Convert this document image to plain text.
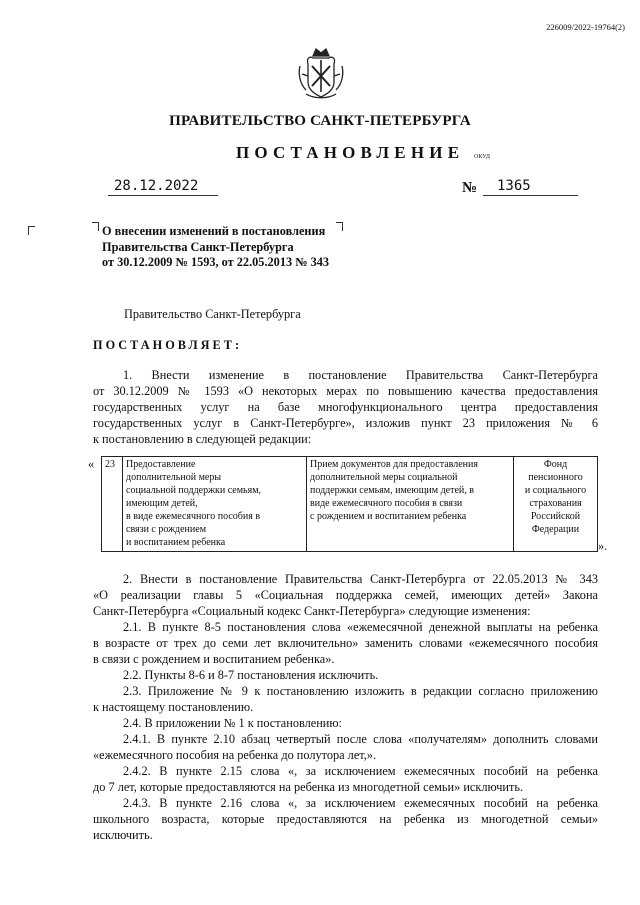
226009/2022-19764(2)
ПРАВИТЕЛЬСТВО САНКТ-ПЕТЕРБУРГА
ПОСТАНОВЛЕНИЕ ОКУД
28.12.2022	№ 1365
О внесении изменений в постановления
Правительства Санкт-Петербурга
от 30.12.2009 № 1593, от 22.05.2013 № 343
Правительство Санкт-Петербурга
ПОСТАНОВЛЯЕТ:
1. Внести изменение в постановление Правительства Санкт-Петербурга
от 30.12.2009 № 1593 «О некоторых мерах по повышению качества предоставления
государственных услуг на базе многофункционального центра предоставления
государственных услуг в Санкт-Петербурге», изложив пункт 23 приложения № 6
к постановлению в следующей редакции:
« 23	Предоставление
дополнительной меры
социальной поддержки семьям,
имеющим детей,
в виде ежемесячного пособия в
связи с рождением
и воспитанием ребенка

Прием документов для предоставления
дополнительной меры социальной
поддержки семьям, имеющим детей, в
виде ежемесячного пособия в связи
с рождением и воспитанием ребенка

Фонд
пенсионного
и социального
страхования
Российской
Федерации
».
2. Внести в постановление Правительства Санкт-Петербурга от 22.05.2013 № 343
«О реализации главы 5 «Социальная поддержка семей, имеющих детей» Закона
Санкт-Петербурга «Социальный кодекс Санкт-Петербурга» следующие изменения:
2.1. В пункте 8-5 постановления слова «ежемесячной денежной выплаты на ребенка
в возрасте от трех до семи лет включительно» заменить словами «ежемесячного пособия
в связи с рождением и воспитанием ребенка».
2.2. Пункты 8-6 и 8-7 постановления исключить.
2.3. Приложение № 9 к постановлению изложить в редакции согласно приложению
к настоящему постановлению.
2.4. В приложении № 1 к постановлению:
2.4.1. В пункте 2.10 абзац четвертый после слова «получателям» дополнить словами
«ежемесячного пособия на ребенка до полутора лет,».
2.4.2. В пункте 2.15 слова «, за исключением ежемесячных пособий на ребенка
до 7 лет, которые предоставляются на ребенка из многодетной семьи» исключить.
2.4.3. В пункте 2.16 слова «, за исключением ежемесячных пособий на ребенка
школьного возраста, которые предоставляются на ребенка из многодетной семьи»
исключить.
